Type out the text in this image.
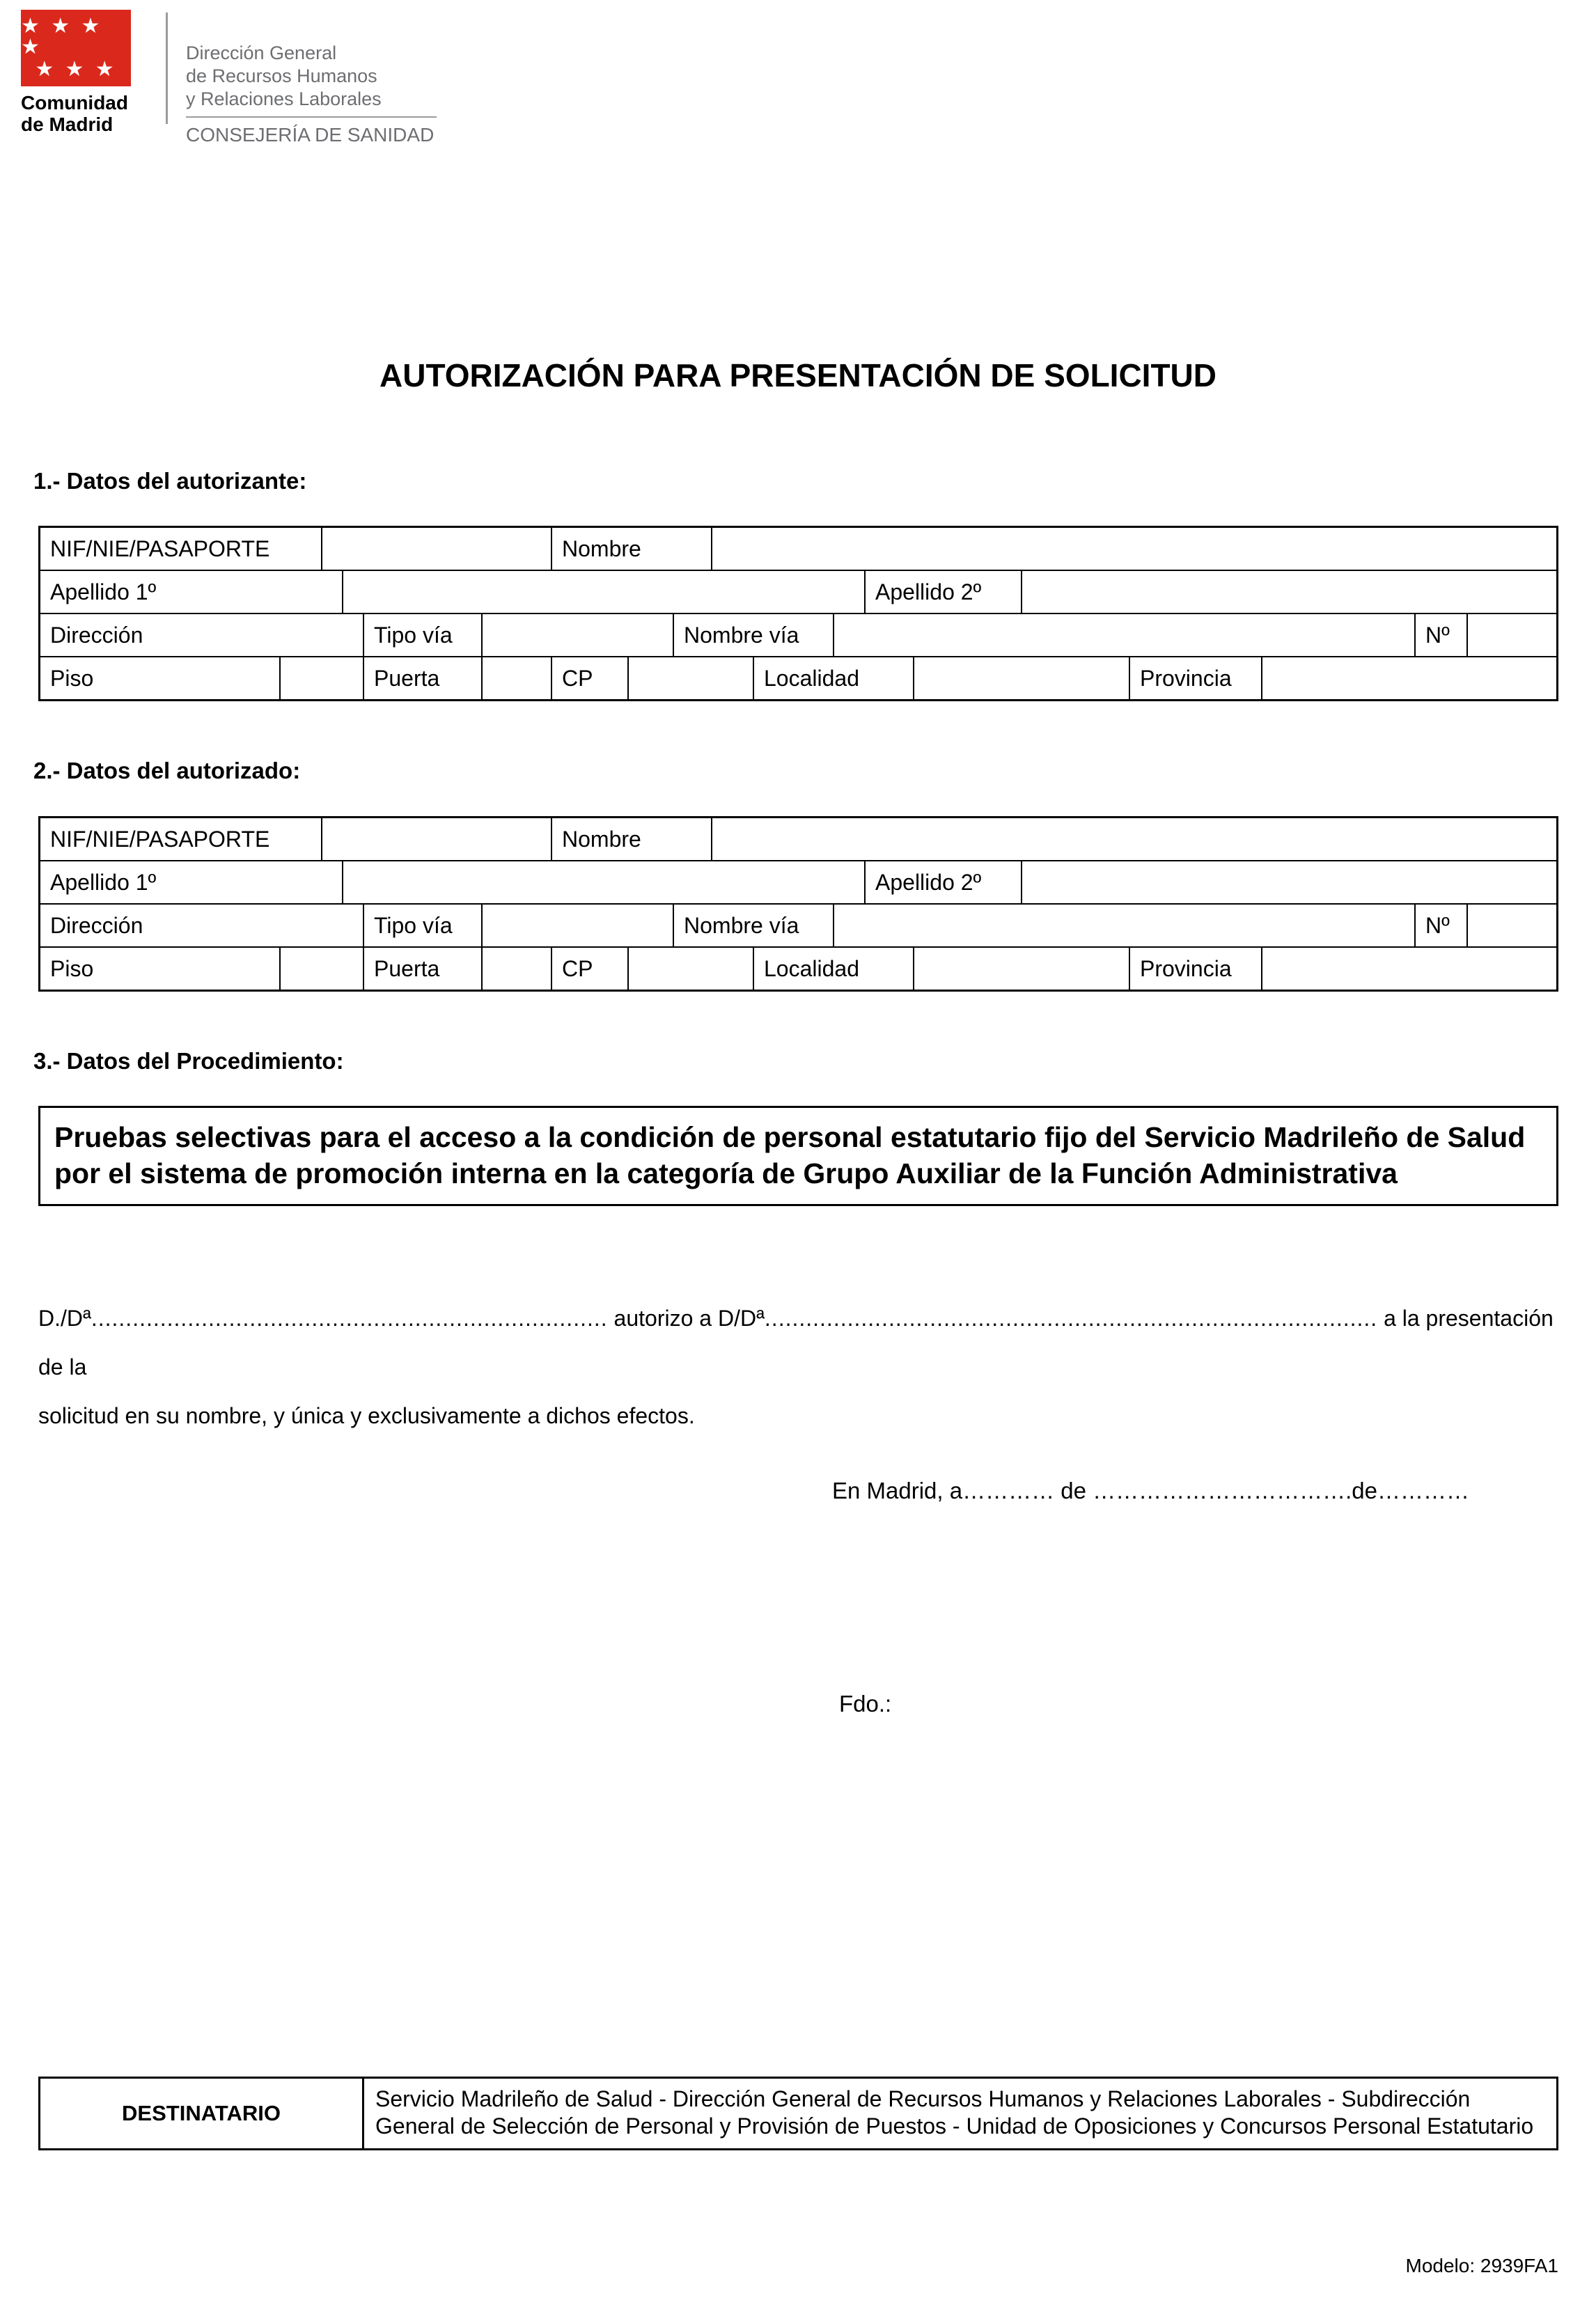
★ ★ ★ ★
★ ★ ★
Comunidad
de Madrid
Dirección General
de Recursos Humanos
y Relaciones Laborales
CONSEJERÍA DE SANIDAD
AUTORIZACIÓN PARA PRESENTACIÓN DE SOLICITUD
1.- Datos del autorizante:
NIF/NIE/PASAPORTE	Nombre
Apellido 1º	Apellido 2º
Dirección	Tipo vía	Nombre vía	Nº
Piso	Puerta	CP	Localidad	Provincia
2.- Datos del autorizado:
NIF/NIE/PASAPORTE	Nombre
Apellido 1º	Apellido 2º
Dirección	Tipo vía	Nombre vía	Nº
Piso	Puerta	CP	Localidad	Provincia
3.- Datos del Procedimiento:
Pruebas selectivas para el acceso a la condición de personal estatutario fijo del Servicio Madrileño de Salud por el sistema de promoción interna en la categoría de Grupo Auxiliar de la Función Administrativa
D./Dª........................................................................... autorizo a D/Dª......................................................................................... a la presentación de la
solicitud en su nombre, y única y exclusivamente a dichos efectos.
En Madrid, a………… de …………………………….de…………
Fdo.:
DESTINATARIO
Servicio Madrileño de Salud - Dirección General de Recursos Humanos y Relaciones Laborales - Subdirección General de Selección de Personal y Provisión de Puestos - Unidad de Oposiciones y Concursos Personal Estatutario
Modelo: 2939FA1
